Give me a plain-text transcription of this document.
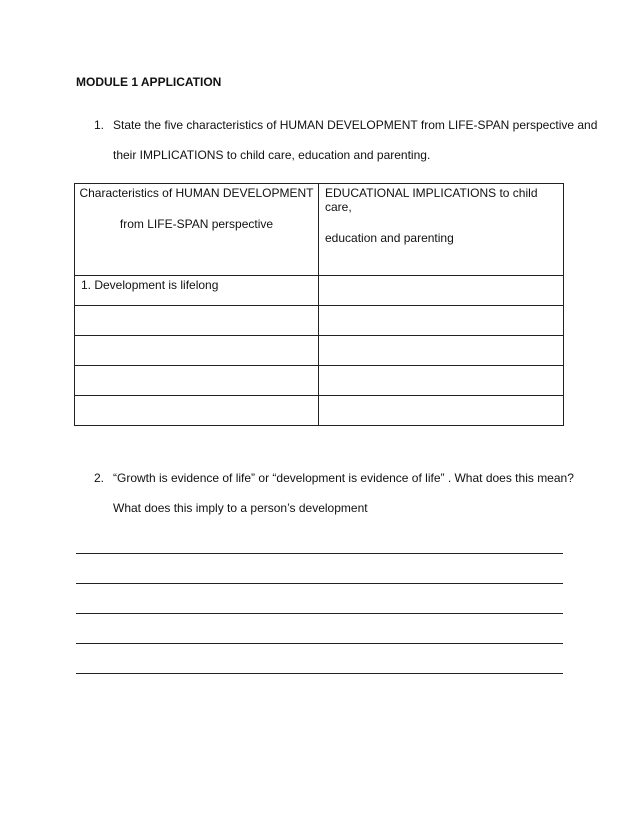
MODULE 1 APPLICATION
1. State the five characteristics of HUMAN DEVELOPMENT from LIFE-SPAN perspective and
their IMPLICATIONS to child care, education and parenting.
Characteristics of HUMAN DEVELOPMENT
from LIFE-SPAN perspective	EDUCATIONAL IMPLICATIONS to child care,
education and parenting

1. Development is lifelong	

2. “Growth is evidence of life” or “development is evidence of life” . What does this mean?
What does this imply to a person’s development
